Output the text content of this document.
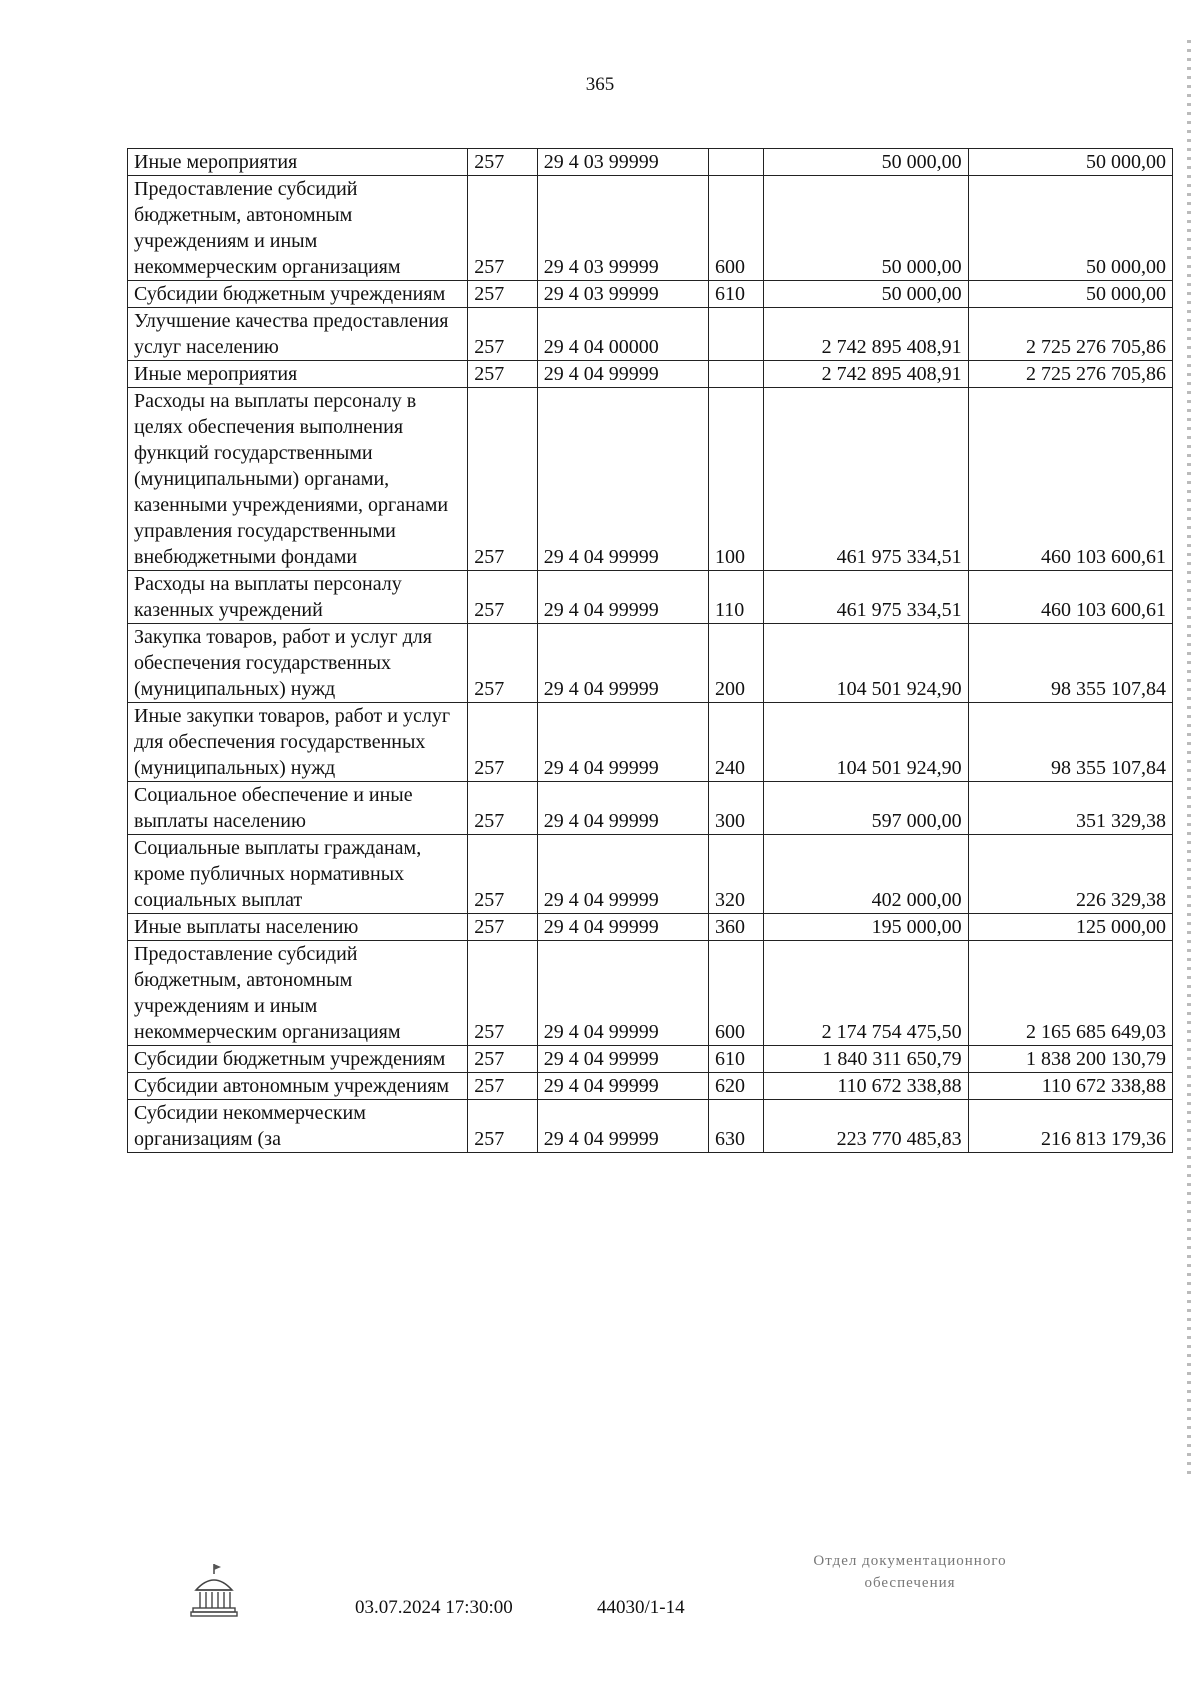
365
Иные мероприятия	257	29 4 03 99999		50 000,00	50 000,00
Предоставление субсидий бюджетным, автономным учреждениям и иным некоммерческим организациям	257	29 4 03 99999	600	50 000,00	50 000,00
Субсидии бюджетным учреждениям	257	29 4 03 99999	610	50 000,00	50 000,00
Улучшение качества предоставления услуг населению	257	29 4 04 00000		2 742 895 408,91	2 725 276 705,86
Иные мероприятия	257	29 4 04 99999		2 742 895 408,91	2 725 276 705,86
Расходы на выплаты персоналу в целях обеспечения выполнения функций государственными (муниципальными) органами, казенными учреждениями, органами управления государственными внебюджетными фондами	257	29 4 04 99999	100	461 975 334,51	460 103 600,61
Расходы на выплаты персоналу казенных учреждений	257	29 4 04 99999	110	461 975 334,51	460 103 600,61
Закупка товаров, работ и услуг для обеспечения государственных (муниципальных) нужд	257	29 4 04 99999	200	104 501 924,90	98 355 107,84
Иные закупки товаров, работ и услуг для обеспечения государственных (муниципальных) нужд	257	29 4 04 99999	240	104 501 924,90	98 355 107,84
Социальное обеспечение и иные выплаты населению	257	29 4 04 99999	300	597 000,00	351 329,38
Социальные выплаты гражданам, кроме публичных нормативных социальных выплат	257	29 4 04 99999	320	402 000,00	226 329,38
Иные выплаты населению	257	29 4 04 99999	360	195 000,00	125 000,00
Предоставление субсидий бюджетным, автономным учреждениям и иным некоммерческим организациям	257	29 4 04 99999	600	2 174 754 475,50	2 165 685 649,03
Субсидии бюджетным учреждениям	257	29 4 04 99999	610	1 840 311 650,79	1 838 200 130,79
Субсидии автономным учреждениям	257	29 4 04 99999	620	110 672 338,88	110 672 338,88
Субсидии некоммерческим организациям (за	257	29 4 04 99999	630	223 770 485,83	216 813 179,36
03.07.2024 17:30:00	44030/1-14
Отдел документационного
обеспечения
